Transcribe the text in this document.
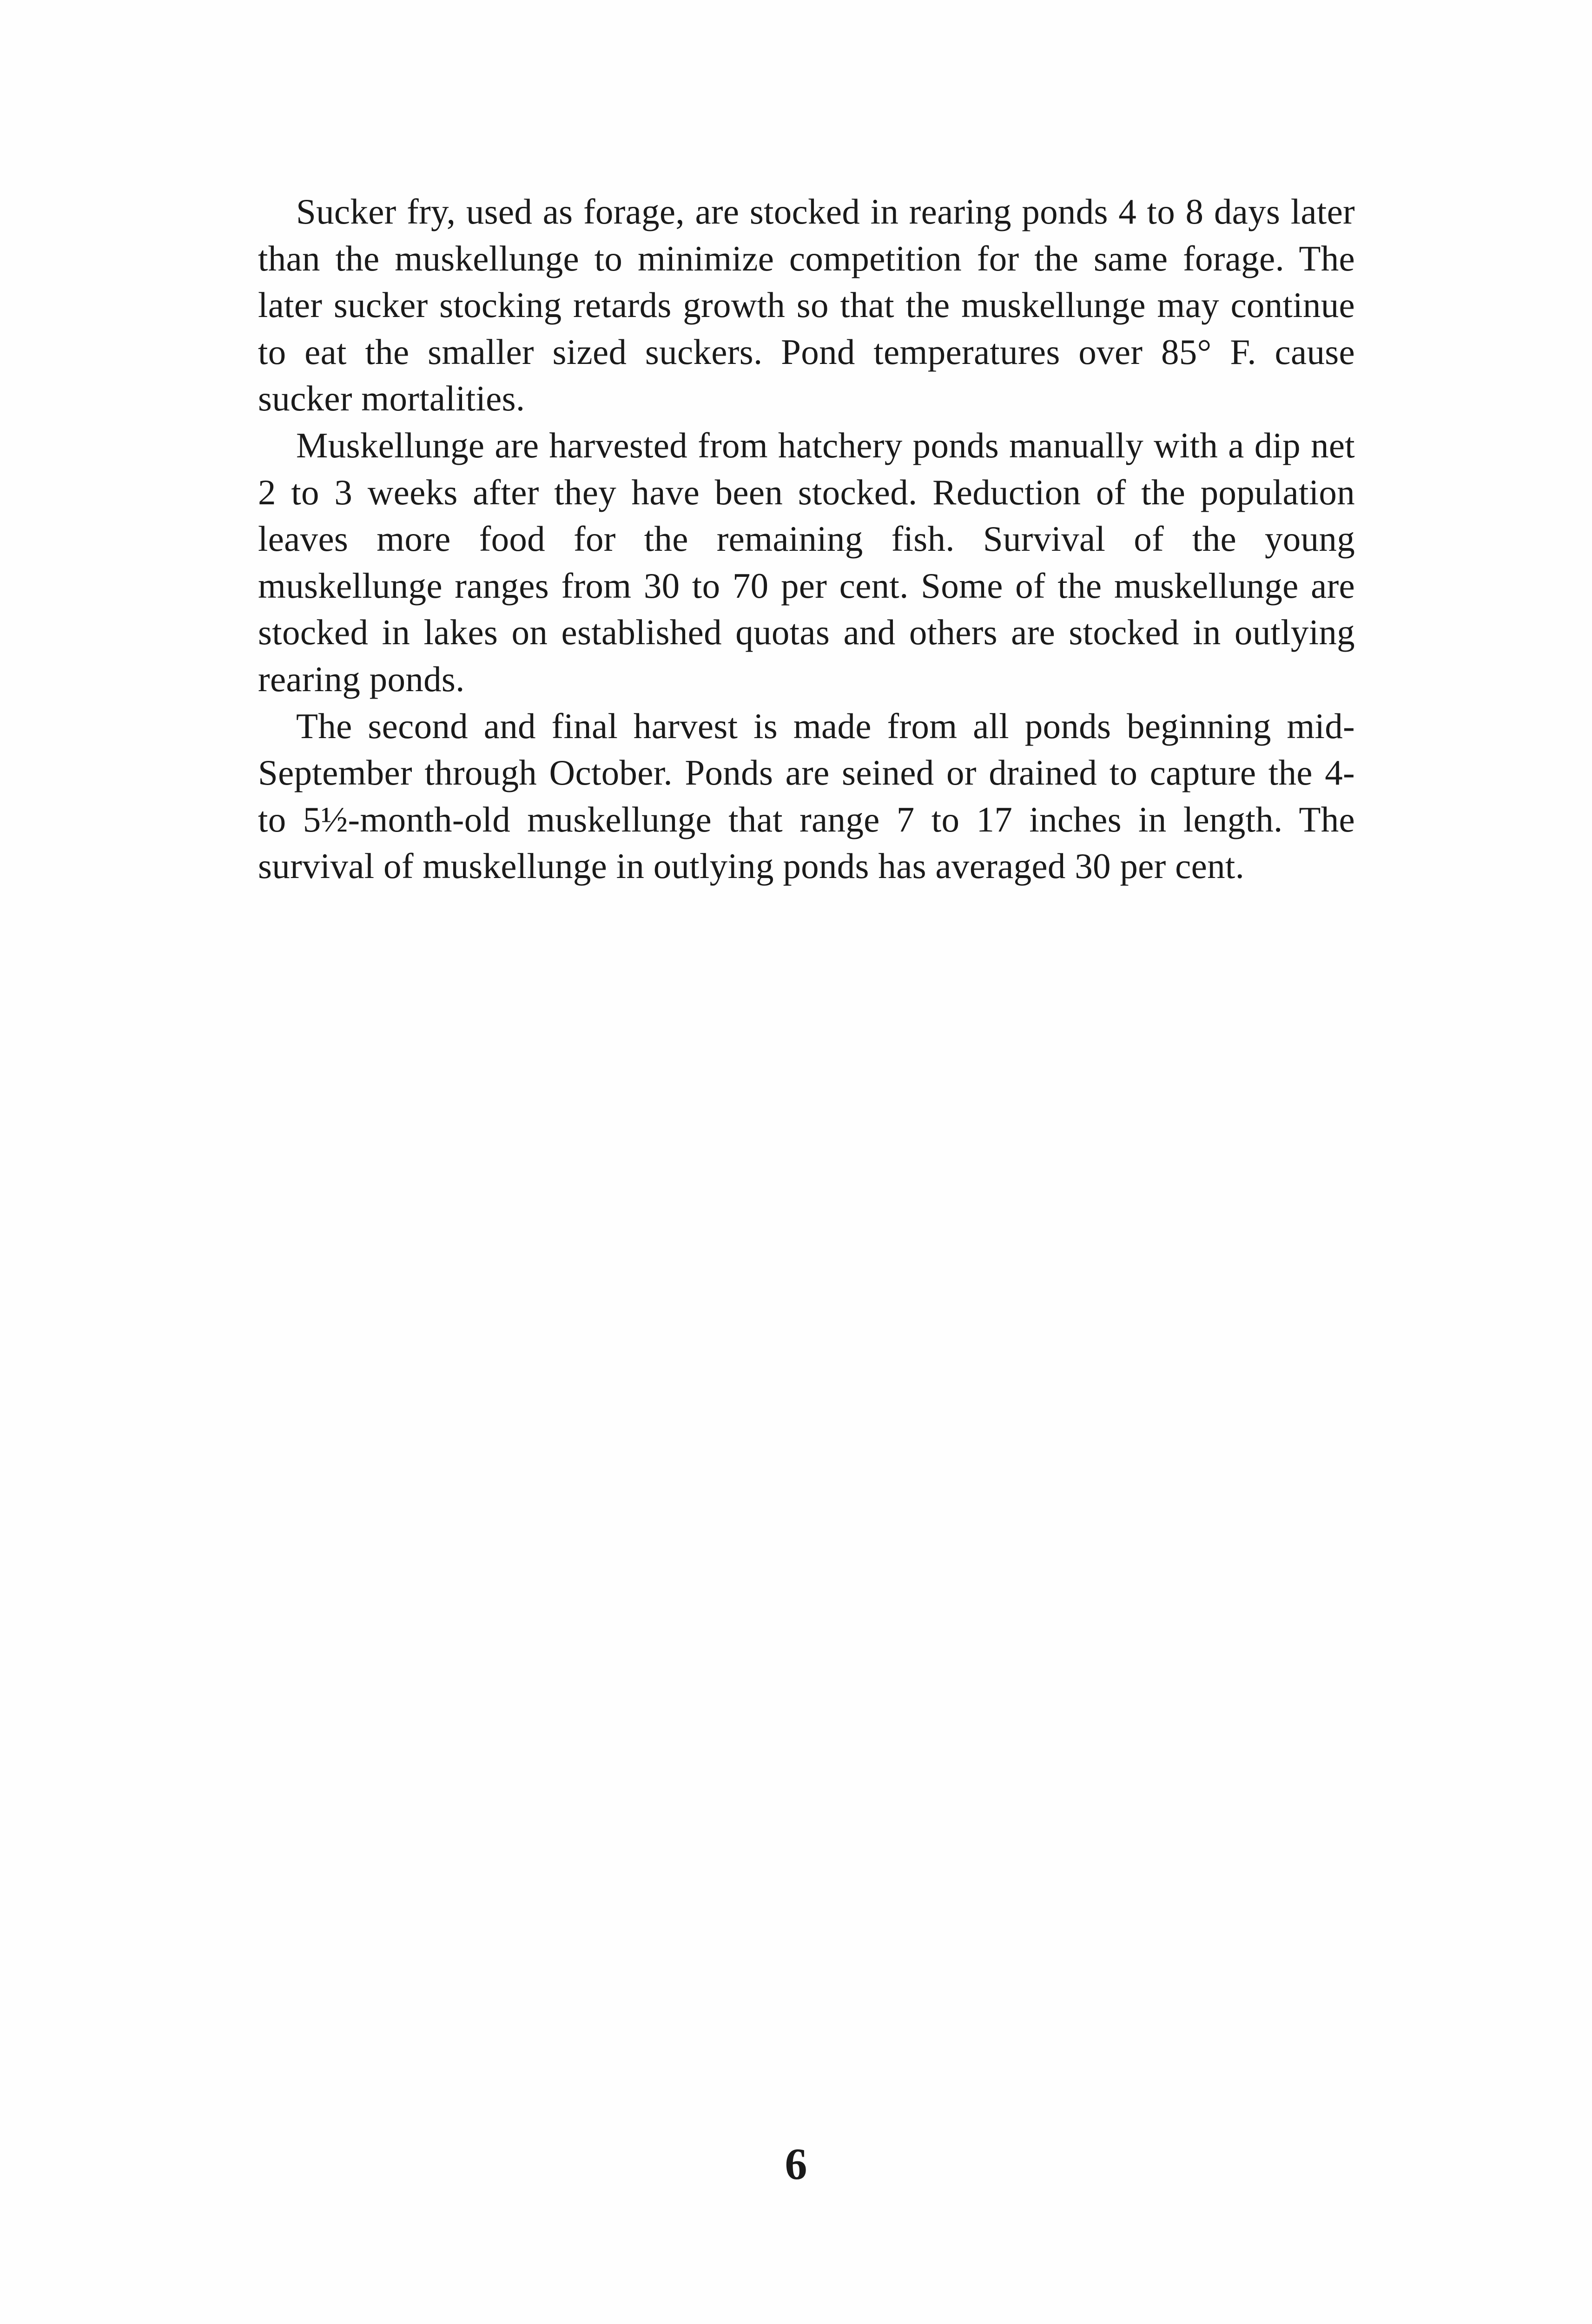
Sucker fry, used as forage, are stocked in rearing ponds 4 to 8 days later than the muskellunge to minimize competition for the same forage. The later sucker stocking retards growth so that the muskellunge may continue to eat the smaller sized suckers. Pond temperatures over 85° F. cause sucker mortalities.

Muskellunge are harvested from hatchery ponds manually with a dip net 2 to 3 weeks after they have been stocked. Reduction of the population leaves more food for the remaining fish. Survival of the young muskellunge ranges from 30 to 70 per cent. Some of the muskellunge are stocked in lakes on established quotas and others are stocked in outlying rearing ponds.

The second and final harvest is made from all ponds beginning mid-September through October. Ponds are seined or drained to capture the 4- to 5½-month-old muskellunge that range 7 to 17 inches in length. The survival of muskellunge in outlying ponds has averaged 30 per cent.

6
